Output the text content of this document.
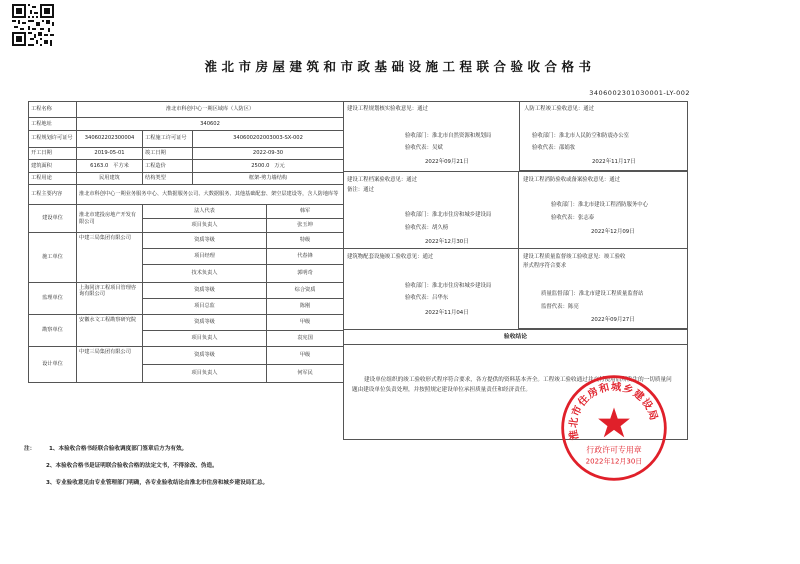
淮北市房屋建筑和市政基础设施工程联合验收合格书
3406002301030001-LY-002
工程名称	淮北市科创中心一期区域库（人防区）			
工程地址	340602			
工程规划许可证号	340602202300004	工程施工许可证号	340600202003003-SX-002	
开工日期	2019-05-01	竣工日期	2022-09-30	
建筑面积	6163.0 平方米	工程造价	2500.0 万元	
工程用途	民用建筑	结构类型	框架-剪力墙结构	
工程主要内容	淮北市科创中心一期业务服务中心、大数据服务公司、大数据服务、其他基础配套、架空层建设等，含人防地库等			
建设单位	淮北市建投房地产开发有限公司	法人代表		韩军
		项目负责人		张玉坤
施工单位	中建三局集团有限公司	资质等级		特级
		项目经理		代春锋
		技术负责人		郭明奇
监理单位	上海同济工程项目管理咨询有限公司	资质等级		综合资质
		项目总监		陈刚
勘察单位	安徽水文工程勘察研究院	资质等级		甲级
		项目负责人		袁宪国
设计单位	中建三局集团有限公司	资质等级		甲级
		项目负责人		何军民
建设工程规划核实验收意见：通过
验收部门：淮北市自然资源和规划局
验收代表：吴斌
2022年09月21日
人防工程竣工验收意见：通过
验收部门：淮北市人民防空和防震办公室
验收代表：邵娟妆
2022年11月17日
建设工程档案验收意见：通过
备注：通过
验收部门：淮北市住房和城乡建设局
验收代表：胡久榜
2022年12月30日
建设工程消防验收或备案验收意见：通过
验收部门：淮北市建设工程消防服务中心
验收代表：张志泰
2022年12月09日
建筑物配套设施竣工验收意见：通过
验收部门：淮北市住房和城乡建设局
验收代表：吕华东
2022年11月04日
建设工程质量监督竣工验收意见：竣工验收
形式程序符合要求
质量监督部门：淮北市建设工程质量监督站
监督代表：陈亮
2022年09月27日
验收结论
建设单位组织的竣工验收形式程序符合要求，各方提供的资料基本齐全。工程竣工验收通过并交付使用后所发生的一切质量问题由建设单位负责处理，并按照规定建设单位承担质量责任和经济责任。
淮北市住房和城乡建设局
行政许可专用章
2022年12月30日
注： 1、本验收合格书经联合验收调度部门签章后方为有效。
2、本验收合格书是证明联合验收合格的法定文书，不得涂改、伪造。
3、专业验收意见由专业管理部门明确，各专业验收结论由淮北市住房和城乡建设局汇总。
